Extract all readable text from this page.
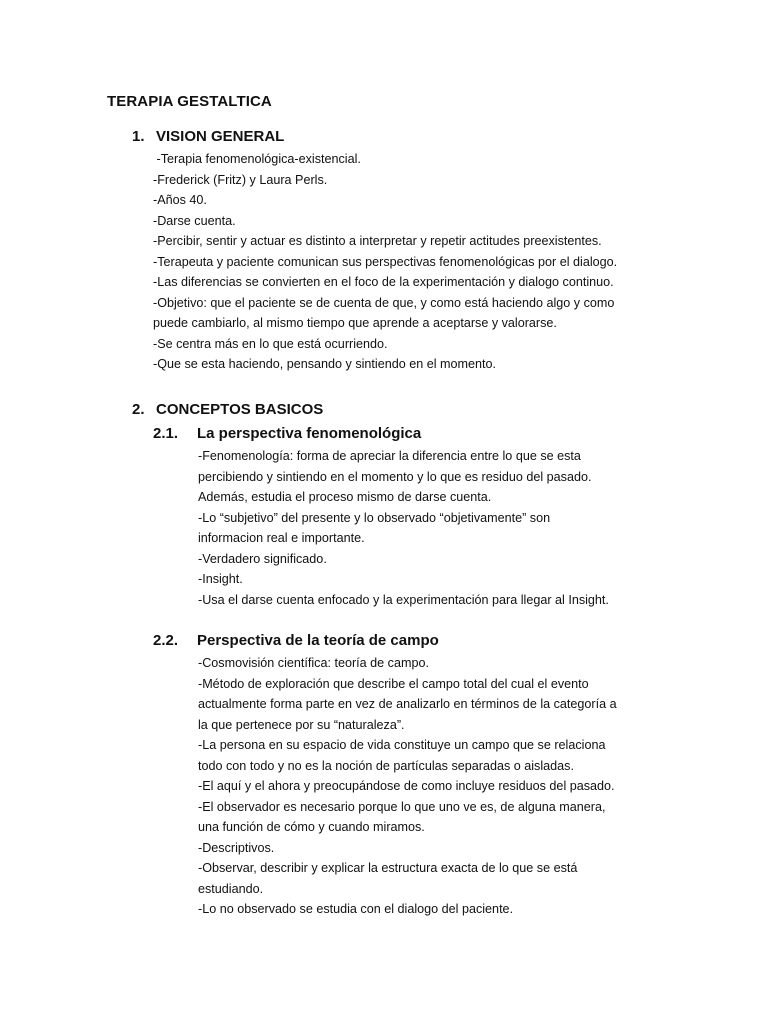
TERAPIA GESTALTICA
1. VISION GENERAL
-Terapia fenomenológica-existencial.
-Frederick (Fritz) y Laura Perls.
-Años 40.
-Darse cuenta.
-Percibir, sentir y actuar es distinto a interpretar y repetir actitudes preexistentes.
-Terapeuta y paciente comunican sus perspectivas fenomenológicas por el dialogo.
-Las diferencias se convierten en el foco de la experimentación y dialogo continuo.
-Objetivo: que el paciente se de cuenta de que, y como está haciendo algo y como
puede cambiarlo, al mismo tiempo que aprende a aceptarse y valorarse.
-Se centra más en lo que está ocurriendo.
-Que se esta haciendo, pensando y sintiendo en el momento.
2. CONCEPTOS BASICOS
2.1. La perspectiva fenomenológica
-Fenomenología: forma de apreciar la diferencia entre lo que se esta
percibiendo y sintiendo en el momento y lo que es residuo del pasado.
Además, estudia el proceso mismo de darse cuenta.
-Lo “subjetivo” del presente y lo observado “objetivamente” son
informacion real e importante.
-Verdadero significado.
-Insight.
-Usa el darse cuenta enfocado y la experimentación para llegar al Insight.
2.2. Perspectiva de la teoría de campo
-Cosmovisión científica: teoría de campo.
-Método de exploración que describe el campo total del cual el evento
actualmente forma parte en vez de analizarlo en términos de la categoría a
la que pertenece por su “naturaleza”.
-La persona en su espacio de vida constituye un campo que se relaciona
todo con todo y no es la noción de partículas separadas o aisladas.
-El aquí y el ahora y preocupándose de como incluye residuos del pasado.
-El observador es necesario porque lo que uno ve es, de alguna manera,
una función de cómo y cuando miramos.
-Descriptivos.
-Observar, describir y explicar la estructura exacta de lo que se está
estudiando.
-Lo no observado se estudia con el dialogo del paciente.
